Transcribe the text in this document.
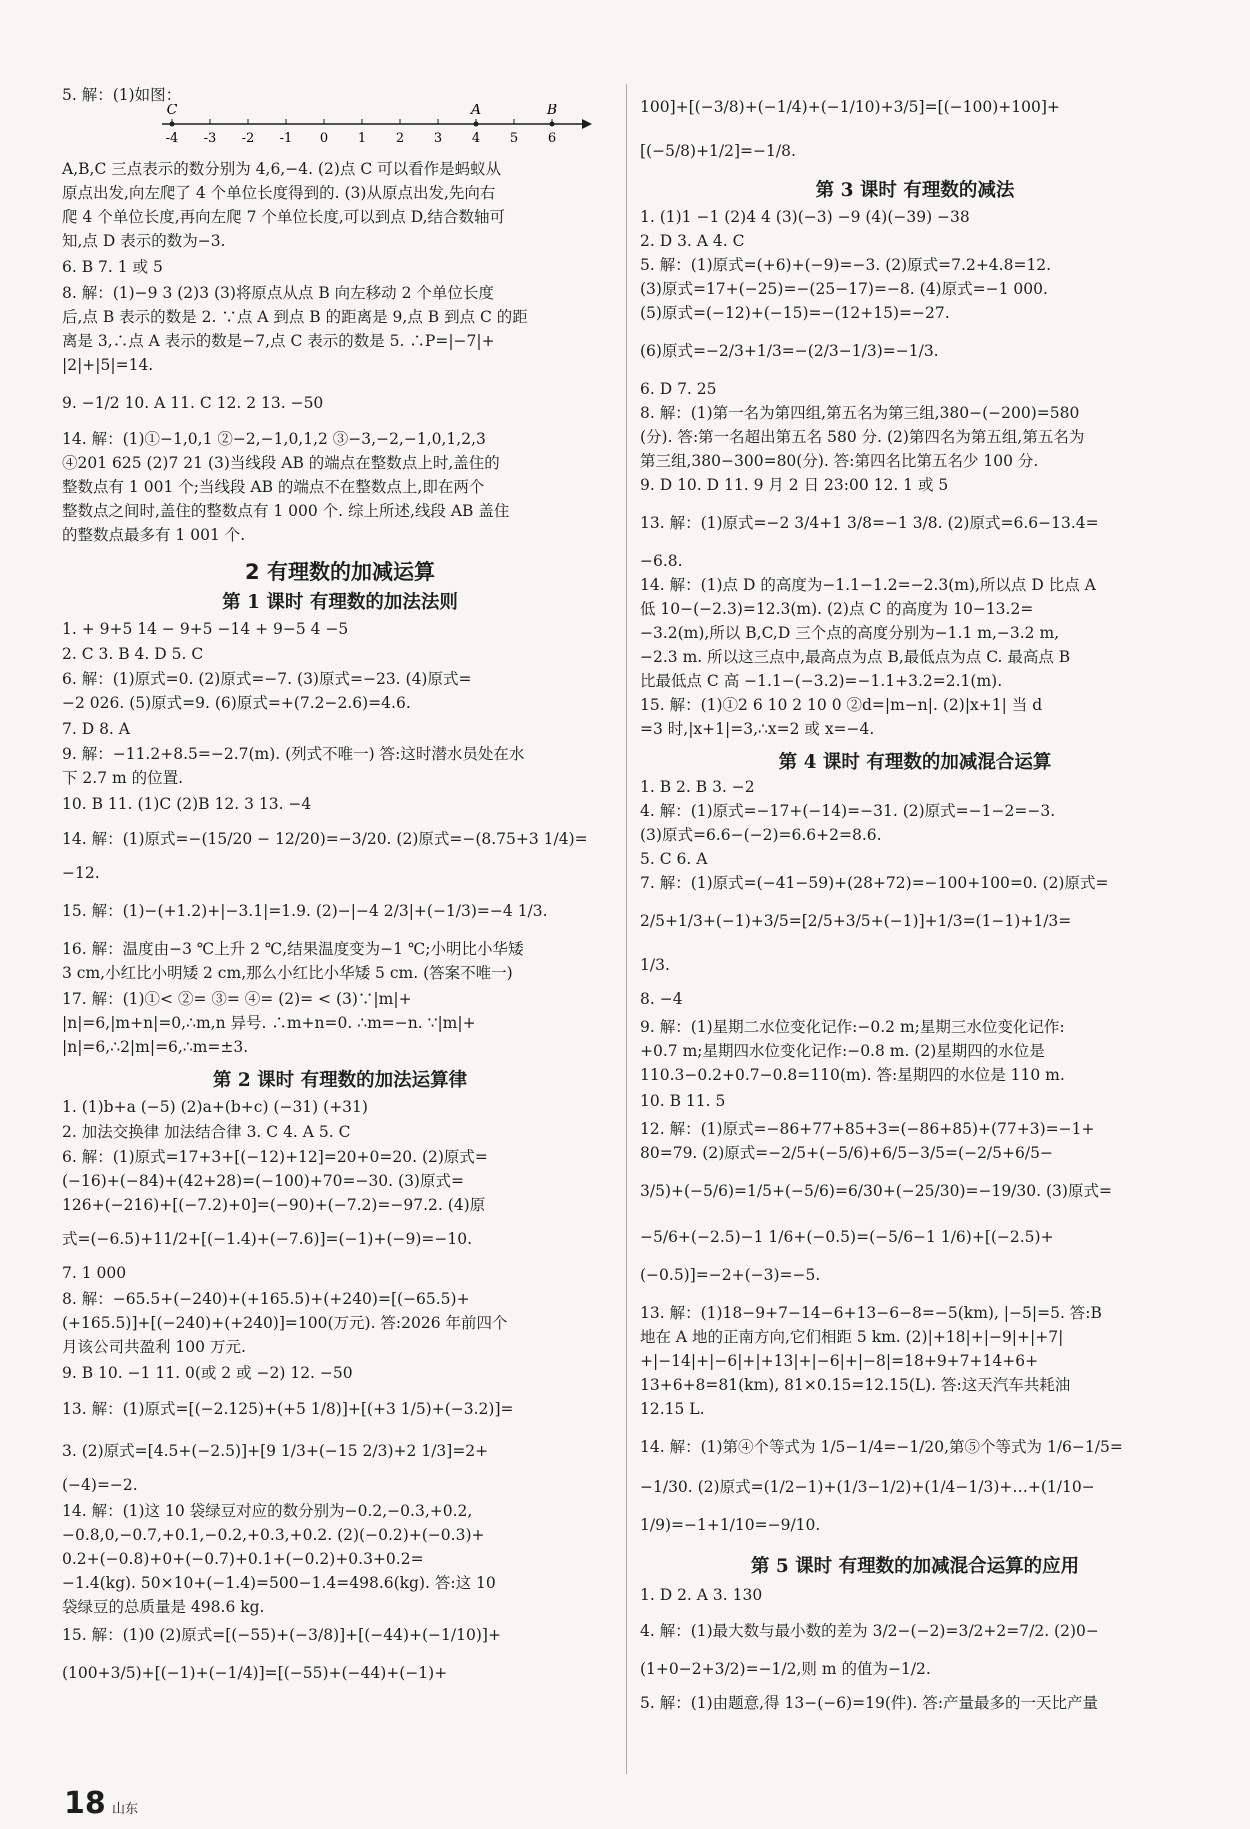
5. 解：(1)如图：
-4 -3 -2 -1 0 1 2 3 4 5 6
C	A	B
A,B,C 三点表示的数分别为 4,6,−4. (2)点 C 可以看作是蚂蚁从
原点出发,向左爬了 4 个单位长度得到的. (3)从原点出发,先向右
爬 4 个单位长度,再向左爬 7 个单位长度,可以到点 D,结合数轴可
知,点 D 表示的数为−3.
6. B 7. 1 或 5
8. 解：(1)−9 3 (2)3 (3)将原点从点 B 向左移动 2 个单位长度
后,点 B 表示的数是 2. ∵点 A 到点 B 的距离是 9,点 B 到点 C 的距
离是 3,∴点 A 表示的数是−7,点 C 表示的数是 5. ∴P=|−7|+
|2|+|5|=14.
9. −1/2 10. A 11. C 12. 2 13. −50
14. 解：(1)①−1,0,1 ②−2,−1,0,1,2 ③−3,−2,−1,0,1,2,3
④201 625 (2)7 21 (3)当线段 AB 的端点在整数点上时,盖住的
整数点有 1 001 个;当线段 AB 的端点不在整数点上,即在两个
整数点之间时,盖住的整数点有 1 000 个. 综上所述,线段 AB 盖住
的整数点最多有 1 001 个.
2 有理数的加减运算
第 1 课时 有理数的加法法则
1. + 9+5 14 − 9+5 −14 + 9−5 4 −5
2. C 3. B 4. D 5. C
6. 解：(1)原式=0. (2)原式=−7. (3)原式=−23. (4)原式=
−2 026. (5)原式=9. (6)原式=+(7.2−2.6)=4.6.
7. D 8. A
9. 解：−11.2+8.5=−2.7(m). (列式不唯一) 答:这时潜水员处在水
下 2.7 m 的位置.
10. B 11. (1)C (2)B 12. 3 13. −4
14. 解：(1)原式=−(15/20 − 12/20)=−3/20. (2)原式=−(8.75+3 1/4)=
−12.
15. 解：(1)−(+1.2)+|−3.1|=1.9. (2)−|−4 2/3|+(−1/3)=−4 1/3.
16. 解：温度由−3 ℃上升 2 ℃,结果温度变为−1 ℃;小明比小华矮
3 cm,小红比小明矮 2 cm,那么小红比小华矮 5 cm. (答案不唯一)
17. 解：(1)①< ②= ③= ④= (2)= < (3)∵|m|+
|n|=6,|m+n|=0,∴m,n 异号. ∴m+n=0. ∴m=−n. ∵|m|+
|n|=6,∴2|m|=6,∴m=±3.
第 2 课时 有理数的加法运算律
1. (1)b+a (−5) (2)a+(b+c) (−31) (+31)
2. 加法交换律 加法结合律 3. C 4. A 5. C
6. 解：(1)原式=17+3+[(−12)+12]=20+0=20. (2)原式=
(−16)+(−84)+(42+28)=(−100)+70=−30. (3)原式=
126+(−216)+[(−7.2)+0]=(−90)+(−7.2)=−97.2. (4)原
式=(−6.5)+11/2+[(−1.4)+(−7.6)]=(−1)+(−9)=−10.
7. 1 000
8. 解：−65.5+(−240)+(+165.5)+(+240)=[(−65.5)+
(+165.5)]+[(−240)+(+240)]=100(万元). 答:2026 年前四个
月该公司共盈利 100 万元.
9. B 10. −1 11. 0(或 2 或 −2) 12. −50
13. 解：(1)原式=[(−2.125)+(+5 1/8)]+[(+3 1/5)+(−3.2)]=
3. (2)原式=[4.5+(−2.5)]+[9 1/3+(−15 2/3)+2 1/3]=2+
(−4)=−2.
14. 解：(1)这 10 袋绿豆对应的数分别为−0.2,−0.3,+0.2,
−0.8,0,−0.7,+0.1,−0.2,+0.3,+0.2. (2)(−0.2)+(−0.3)+
0.2+(−0.8)+0+(−0.7)+0.1+(−0.2)+0.3+0.2=
−1.4(kg). 50×10+(−1.4)=500−1.4=498.6(kg). 答:这 10
袋绿豆的总质量是 498.6 kg.
15. 解：(1)0 (2)原式=[(−55)+(−3/8)]+[(−44)+(−1/10)]+
(100+3/5)+[(−1)+(−1/4)]=[(−55)+(−44)+(−1)+
100]+[(−3/8)+(−1/4)+(−1/10)+3/5]=[(−100)+100]+
[(−5/8)+1/2]=−1/8.
第 3 课时 有理数的减法
1. (1)1 −1 (2)4 4 (3)(−3) −9 (4)(−39) −38
2. D 3. A 4. C
5. 解：(1)原式=(+6)+(−9)=−3. (2)原式=7.2+4.8=12.
(3)原式=17+(−25)=−(25−17)=−8. (4)原式=−1 000.
(5)原式=(−12)+(−15)=−(12+15)=−27.
(6)原式=−2/3+1/3=−(2/3−1/3)=−1/3.
6. D 7. 25
8. 解：(1)第一名为第四组,第五名为第三组,380−(−200)=580
(分). 答:第一名超出第五名 580 分. (2)第四名为第五组,第五名为
第三组,380−300=80(分). 答:第四名比第五名少 100 分.
9. D 10. D 11. 9 月 2 日 23:00 12. 1 或 5
13. 解：(1)原式=−2 3/4+1 3/8=−1 3/8. (2)原式=6.6−13.4=
−6.8.
14. 解：(1)点 D 的高度为−1.1−1.2=−2.3(m),所以点 D 比点 A
低 10−(−2.3)=12.3(m). (2)点 C 的高度为 10−13.2=
−3.2(m),所以 B,C,D 三个点的高度分别为−1.1 m,−3.2 m,
−2.3 m. 所以这三点中,最高点为点 B,最低点为点 C. 最高点 B
比最低点 C 高 −1.1−(−3.2)=−1.1+3.2=2.1(m).
15. 解：(1)①2 6 10 2 10 0 ②d=|m−n|. (2)|x+1| 当 d
=3 时,|x+1|=3,∴x=2 或 x=−4.
第 4 课时 有理数的加减混合运算
1. B 2. B 3. −2
4. 解：(1)原式=−17+(−14)=−31. (2)原式=−1−2=−3.
(3)原式=6.6−(−2)=6.6+2=8.6.
5. C 6. A
7. 解：(1)原式=(−41−59)+(28+72)=−100+100=0. (2)原式=
2/5+1/3+(−1)+3/5=[2/5+3/5+(−1)]+1/3=(1−1)+1/3=
1/3.
8. −4
9. 解：(1)星期二水位变化记作:−0.2 m;星期三水位变化记作:
+0.7 m;星期四水位变化记作:−0.8 m. (2)星期四的水位是
110.3−0.2+0.7−0.8=110(m). 答:星期四的水位是 110 m.
10. B 11. 5
12. 解：(1)原式=−86+77+85+3=(−86+85)+(77+3)=−1+
80=79. (2)原式=−2/5+(−5/6)+6/5−3/5=(−2/5+6/5−
3/5)+(−5/6)=1/5+(−5/6)=6/30+(−25/30)=−19/30. (3)原式=
−5/6+(−2.5)−1 1/6+(−0.5)=(−5/6−1 1/6)+[(−2.5)+
(−0.5)]=−2+(−3)=−5.
13. 解：(1)18−9+7−14−6+13−6−8=−5(km), |−5|=5. 答:B
地在 A 地的正南方向,它们相距 5 km. (2)|+18|+|−9|+|+7|
+|−14|+|−6|+|+13|+|−6|+|−8|=18+9+7+14+6+
13+6+8=81(km), 81×0.15=12.15(L). 答:这天汽车共耗油
12.15 L.
14. 解：(1)第④个等式为 1/5−1/4=−1/20,第⑤个等式为 1/6−1/5=
−1/30. (2)原式=(1/2−1)+(1/3−1/2)+(1/4−1/3)+…+(1/10−
1/9)=−1+1/10=−9/10.
第 5 课时 有理数的加减混合运算的应用
1. D 2. A 3. 130
4. 解：(1)最大数与最小数的差为 3/2−(−2)=3/2+2=7/2. (2)0−
(1+0−2+3/2)=−1/2,则 m 的值为−1/2.
5. 解：(1)由题意,得 13−(−6)=19(件). 答:产量最多的一天比产量
18 山东
